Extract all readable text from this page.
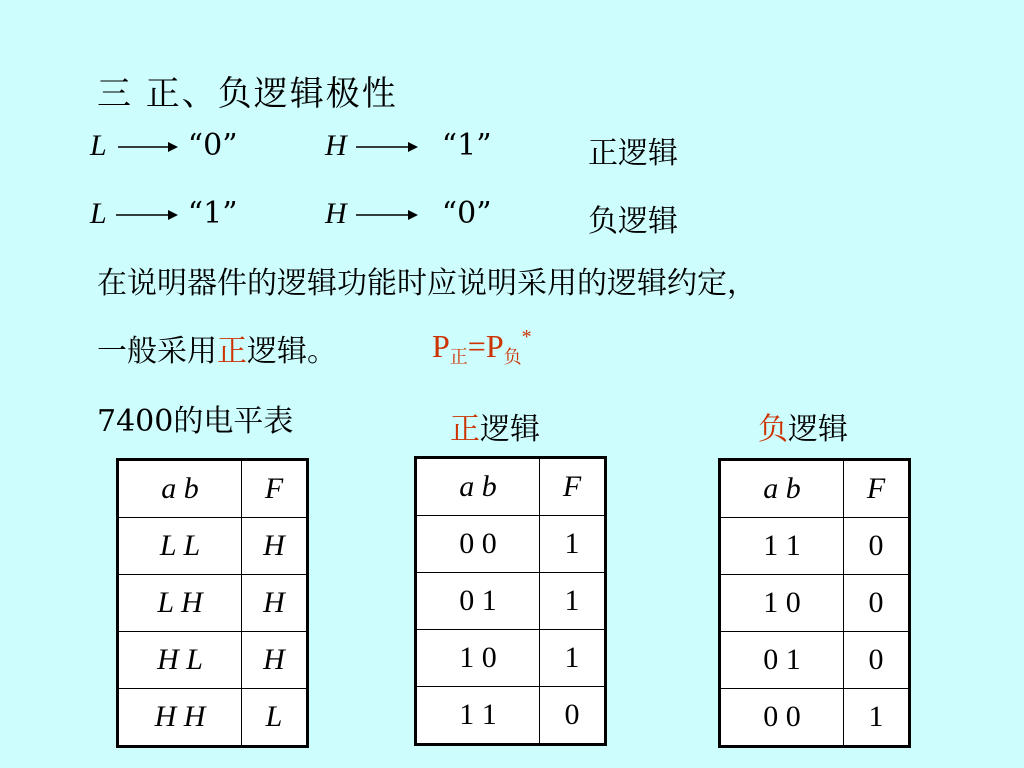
三 正、负逻辑极性
L	“0”	H	“1”	正逻辑
L	“1”	H	“0”	负逻辑
在说明器件的逻辑功能时应说明采用的逻辑约定，
一般采用正逻辑。	$P_正=P_负^*$
7400的电平表	正逻辑	负逻辑
a b	F
L L	H
L H	H
H L	H
H H	L
a b	F
0 0	1
0 1	1
1 0	1
1 1	0
a b	F
1 1	0
1 0	0
0 1	0
0 0	1
